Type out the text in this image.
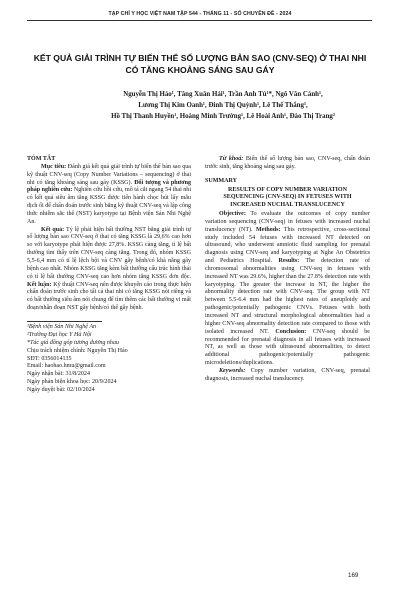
TẠP CHÍ Y HỌC VIỆT NAM TẬP 544 - THÁNG 11 - SỐ CHUYÊN ĐỀ - 2024
KẾT QUẢ GIẢI TRÌNH TỰ BIẾN THỂ SỐ LƯỢNG BẢN SAO (CNV-SEQ) Ở THAI NHI CÓ TĂNG KHOẢNG SÁNG SAU GÁY
Nguyễn Thị Hảo¹, Tăng Xuân Hải¹, Trần Anh Tú¹*, Ngô Văn Cảnh¹,
Lương Thị Kim Oanh¹, Đinh Thị Quỳnh¹, Lê Thế Thắng¹,
Hồ Thị Thanh Huyền¹, Hoàng Minh Trường¹, Lê Hoài Anh¹, Đào Thị Trang²

TÓM TẮT

Mục tiêu: Đánh giá kết quả giải trình tự biến thể bản sao qua kỹ thuật CNV-seq (Copy Number Variations – sequencing) ở thai nhi có tăng khoảng sáng sau gáy (KSSG). Đối tượng và phương pháp nghiên cứu: Nghiên cứu hồi cứu, mô tả cắt ngang 54 thai nhi có kết quả siêu âm tăng KSSG được tiến hành chọc hút lấy mẫu dịch ối để chẩn đoán trước sinh bằng kỹ thuật CNV-seq và lập công thức nhiễm sắc thể (NST) karyotype tại Bệnh viện Sản Nhi Nghệ An.

Kết quả: Tỷ lệ phát hiện bất thường NST bằng giải trình tự số lượng bản sao CNV-seq ở thai có tăng KSSG là 29,6% cao hơn so với karyotype phát hiện được 27,8%. KSSG càng tăng, tỉ lệ bất thường tìm thấy trên CNV-seq càng tăng. Trong đó, nhóm KSSG 5,5-6,4 mm có tỉ lệ lệch bội và CNV gây bệnh/có khả năng gây bệnh cao nhất. Nhóm KSSG tăng kèm bất thường cấu trúc hình thái có tỉ lệ bất thường CNV-seq cao hơn nhóm tăng KSSG đơn độc. Kết luận: Kỹ thuật CNV-seq nên được khuyến cáo trong thực hiện chẩn đoán trước sinh cho tất cả thai nhi có tăng KSSG nói riêng và có bất thường siêu âm nói chung để tìm thêm các bất thường vi mất đoạn/nhân đoạn NST gây bệnh/có thể gây bệnh.

¹Bệnh viện Sản Nhi Nghệ An

²Trường Đại học Y Hà Nội

*Tác giả đồng góp tương đương nhau

Chịu trách nhiệm chính: Nguyễn Thị Hảo

SĐT: 0356014135

Email: haohao.hmu@gmail.com

Ngày nhận bài: 31/8/2024

Ngày phản biện khoa học: 20/9/2024

Ngày duyệt bài: 02/10/2024

Từ khoá: Biến thể số lượng bản sao, CNV-seq, chẩn đoán trước sinh, tăng khoảng sáng sau gáy.

SUMMARY

RESULTS OF COPY NUMBER VARIATION SEQUENCING (CNV-SEQ) IN FETUSES WITH INCREASED NUCHAL TRANSLUCENCY

Objective: To evaluate the outcomes of copy number variation sequencing (CNV-seq) in fetuses with increased nuchal translucency (NT). Methods: This retrospective, cross-sectional study included 54 fetuses with increased NT detected on ultrasound, who underwent amniotic fluid sampling for prenatal diagnosis using CNV-seq and karyotyping at Nghe An Obstetrics and Pediatrics Hospital. Results: The detection rate of chromosomal abnormalities using CNV-seq in fetuses with increased NT was 29.6%, higher than the 27.8% detection rate with karyotyping. The greater the increase in NT, the higher the abnormality detection rate with CNV-seq. The group with NT between 5.5-6.4 mm had the highest rates of aneuploidy and pathogenic/potentially pathogenic CNVs. Fetuses with both increased NT and structural morphological abnormalities had a higher CNV-seq abnormality detection rate compared to those with isolated increased NT. Conclusion: CNV-seq should be recommended for prenatal diagnosis in all fetuses with increased NT, as well as those with ultrasound abnormalities, to detect additional pathogenic/potentially pathogenic microdeletions/duplications.

Keywords: Copy number variation, CNV-seq, prenatal diagnosis, increased nuchal translucency.

169
